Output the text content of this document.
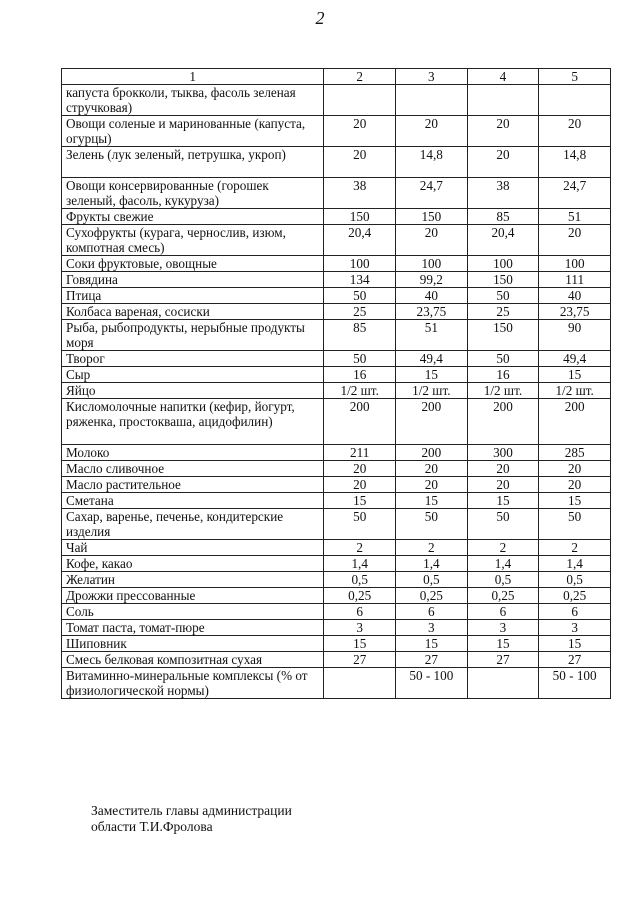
2
1	2	3	4	5
капуста брокколи, тыква, фасоль зеленая стручковая)				
Овощи соленые и маринованные (капуста, огурцы)	20	20	20	20
Зелень (лук зеленый, петрушка, укроп)	20	14,8	20	14,8
Овощи консервированные (горошек зеленый, фасоль, кукуруза)	38	24,7	38	24,7
Фрукты свежие	150	150	85	51
Сухофрукты (курага, чернослив, изюм, компотная смесь)	20,4	20	20,4	20
Соки фруктовые, овощные	100	100	100	100
Говядина	134	99,2	150	111
Птица	50	40	50	40
Колбаса вареная, сосиски	25	23,75	25	23,75
Рыба, рыбопродукты, нерыбные продукты моря	85	51	150	90
Творог	50	49,4	50	49,4
Сыр	16	15	16	15
Яйцо	1/2 шт.	1/2 шт.	1/2 шт.	1/2 шт.
Кисломолочные напитки (кефир, йогурт, ряженка, простокваша, ацидофилин)	200	200	200	200
Молоко	211	200	300	285
Масло сливочное	20	20	20	20
Масло растительное	20	20	20	20
Сметана	15	15	15	15
Сахар, варенье, печенье, кондитерские изделия	50	50	50	50
Чай	2	2	2	2
Кофе, какао	1,4	1,4	1,4	1,4
Желатин	0,5	0,5	0,5	0,5
Дрожжи прессованные	0,25	0,25	0,25	0,25
Соль	6	6	6	6
Томат паста, томат-пюре	3	3	3	3
Шиповник	15	15	15	15
Смесь белковая композитная сухая	27	27	27	27
Витаминно-минеральные комплексы (% от физиологической нормы)		50 - 100		50 - 100
Заместитель главы администрации
области Т.И.Фролова
